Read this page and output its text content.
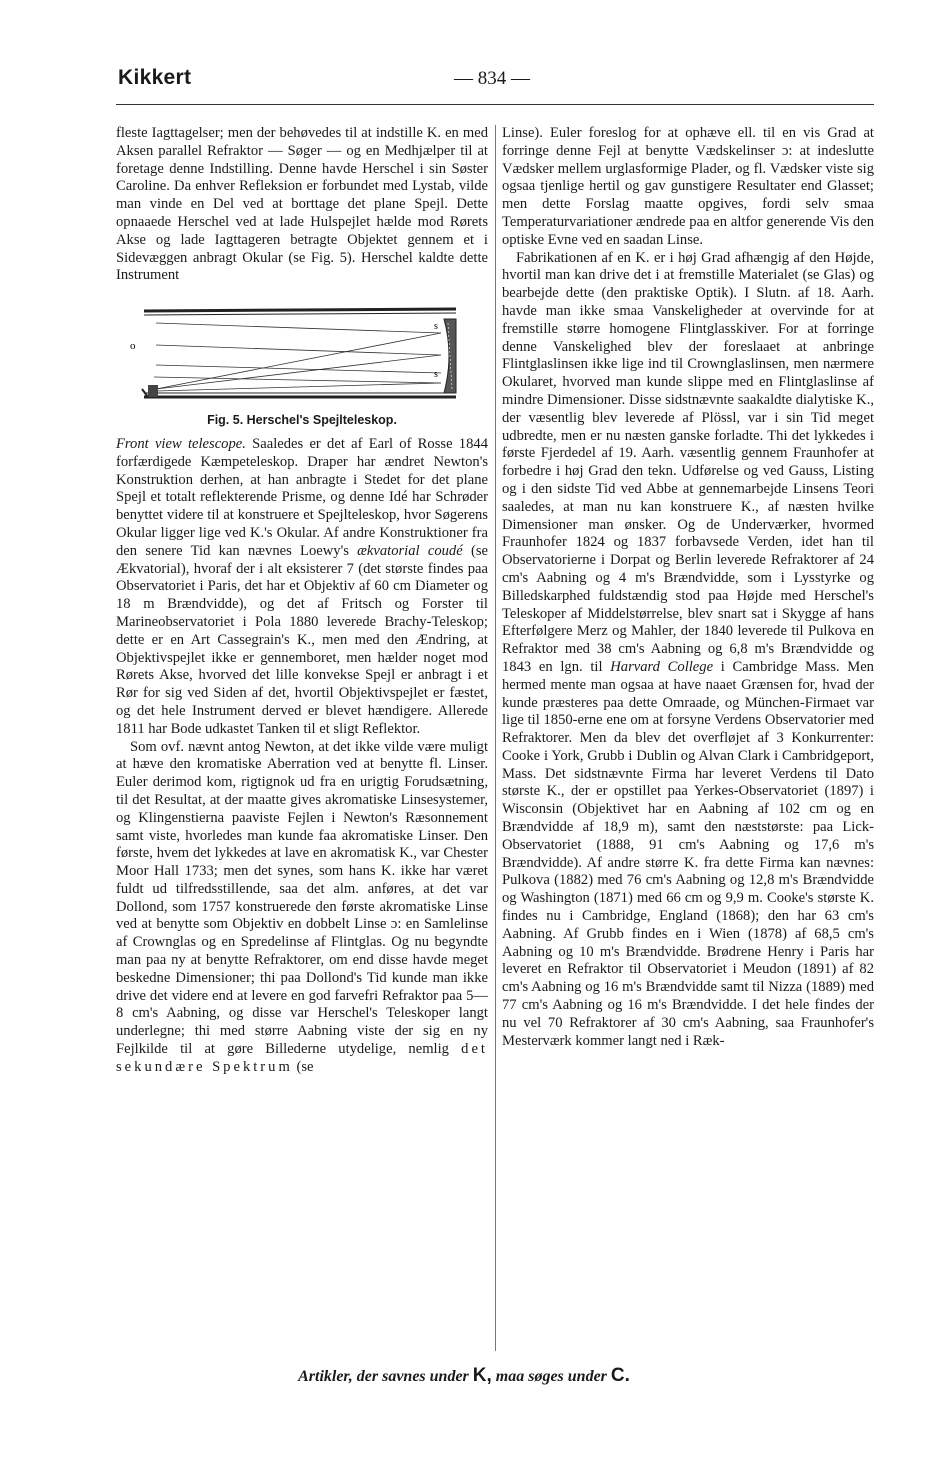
Kikkert	— 834 —

fleste Iagttagelser; men der behøvedes til at indstille K. en med Aksen parallel Refraktor — Søger — og en Medhjælper til at foretage denne Indstilling. Denne havde Herschel i sin Søster Caroline. Da enhver Refleksion er forbundet med Lystab, vilde man vinde en Del ved at borttage det plane Spejl. Dette opnaaede Herschel ved at lade Hulspejlet hælde mod Rørets Akse og lade Iagttageren betragte Objektet gennem et i Sidevæggen anbragt Okular (se Fig. 5). Herschel kaldte dette Instrument

o
s
s
Fig. 5. Herschel's Spejlteleskop.

Front view telescope. Saaledes er det af Earl of Rosse 1844 forfærdigede Kæmpeteleskop. Draper har ændret Newton's Konstruktion derhen, at han anbragte i Stedet for det plane Spejl et totalt reflekterende Prisme, og denne Idé har Schrøder benyttet videre til at konstruere et Spejlteleskop, hvor Søgerens Okular ligger lige ved K.'s Okular. Af andre Konstruktioner fra den senere Tid kan nævnes Loewy's ækvatorial coudé (se Ækvatorial), hvoraf der i alt eksisterer 7 (det største findes paa Observatoriet i Paris, det har et Objektiv af 60 cm Diameter og 18 m Brændvidde), og det af Fritsch og Forster til Marineobservatoriet i Pola 1880 leverede Brachy-Teleskop; dette er en Art Cassegrain's K., men med den Ændring, at Objektivspejlet ikke er gennemboret, men hælder noget mod Rørets Akse, hvorved det lille konvekse Spejl er anbragt i et Rør for sig ved Siden af det, hvortil Objektivspejlet er fæstet, og det hele Instrument derved er blevet hændigere. Allerede 1811 har Bode udkastet Tanken til et sligt Reflektor.

Som ovf. nævnt antog Newton, at det ikke vilde være muligt at hæve den kromatiske Aberration ved at benytte fl. Linser. Euler derimod kom, rigtignok ud fra en urigtig Forudsætning, til det Resultat, at der maatte gives akromatiske Linsesystemer, og Klingenstierna paaviste Fejlen i Newton's Ræsonnement samt viste, hvorledes man kunde faa akromatiske Linser. Den første, hvem det lykkedes at lave en akromatisk K., var Chester Moor Hall 1733; men det synes, som hans K. ikke har været fuldt ud tilfredsstillende, saa det alm. anføres, at det var Dollond, som 1757 konstruerede den første akromatiske Linse ved at benytte som Objektiv en dobbelt Linse ɔ: en Samlelinse af Crownglas og en Spredelinse af Flintglas. Og nu begyndte man paa ny at benytte Refraktorer, om end disse havde meget beskedne Dimensioner; thi paa Dollond's Tid kunde man ikke drive det videre end at levere en god farvefri Refraktor paa 5—8 cm's Aabning, og disse var Herschel's Teleskoper langt underlegne; thi med større Aabning viste der sig en ny Fejlkilde til at gøre Billederne utydelige, nemlig det sekundære Spektrum (se

Linse). Euler foreslog for at ophæve ell. til en vis Grad at forringe denne Fejl at benytte Vædskelinser ɔ: at indeslutte Vædsker mellem urglasformige Plader, og fl. Vædsker viste sig ogsaa tjenlige hertil og gav gunstigere Resultater end Glasset; men dette Forslag maatte opgives, fordi selv smaa Temperaturvariationer ændrede paa en altfor generende Vis den optiske Evne ved en saadan Linse.

Fabrikationen af en K. er i høj Grad afhængig af den Højde, hvortil man kan drive det i at fremstille Materialet (se Glas) og bearbejde dette (den praktiske Optik). I Slutn. af 18. Aarh. havde man ikke smaa Vanskeligheder at overvinde for at fremstille større homogene Flintglasskiver. For at forringe denne Vanskelighed blev der foreslaaet at anbringe Flintglaslinsen ikke lige ind til Crownglaslinsen, men nærmere Okularet, hvorved man kunde slippe med en Flintglaslinse af mindre Dimensioner. Disse sidstnævnte saakaldte dialytiske K., der væsentlig blev leverede af Plössl, var i sin Tid meget udbredte, men er nu næsten ganske forladte. Thi det lykkedes i første Fjerdedel af 19. Aarh. væsentlig gennem Fraunhofer at forbedre i høj Grad den tekn. Udførelse og ved Gauss, Listing og i den sidste Tid ved Abbe at gennemarbejde Linsens Teori saaledes, at man nu kan konstruere K., af næsten hvilke Dimensioner man ønsker. Og de Underværker, hvormed Fraunhofer 1824 og 1837 forbavsede Verden, idet han til Observatorierne i Dorpat og Berlin leverede Refraktorer af 24 cm's Aabning og 4 m's Brændvidde, som i Lysstyrke og Billedskarphed fuldstændig stod paa Højde med Herschel's Teleskoper af Middelstørrelse, blev snart sat i Skygge af hans Efterfølgere Merz og Mahler, der 1840 leverede til Pulkova en Refraktor med 38 cm's Aabning og 6,8 m's Brændvidde og 1843 en lgn. til Harvard College i Cambridge Mass. Men hermed mente man ogsaa at have naaet Grænsen for, hvad der kunde præsteres paa dette Omraade, og München-Firmaet var lige til 1850-erne ene om at forsyne Verdens Observatorier med Refraktorer. Men da blev det overfløjet af 3 Konkurrenter: Cooke i York, Grubb i Dublin og Alvan Clark i Cambridgeport, Mass. Det sidstnævnte Firma har leveret Verdens til Dato største K., der er opstillet paa Yerkes-Observatoriet (1897) i Wisconsin (Objektivet har en Aabning af 102 cm og en Brændvidde af 18,9 m), samt den næststørste: paa Lick-Observatoriet (1888, 91 cm's Aabning og 17,6 m's Brændvidde). Af andre større K. fra dette Firma kan nævnes: Pulkova (1882) med 76 cm's Aabning og 12,8 m's Brændvidde og Washington (1871) med 66 cm og 9,9 m. Cooke's største K. findes nu i Cambridge, England (1868); den har 63 cm's Aabning. Af Grubb findes en i Wien (1878) af 68,5 cm's Aabning og 10 m's Brændvidde. Brødrene Henry i Paris har leveret en Refraktor til Observatoriet i Meudon (1891) af 82 cm's Aabning og 16 m's Brændvidde samt til Nizza (1889) med 77 cm's Aabning og 16 m's Brændvidde. I det hele findes der nu vel 70 Refraktorer af 30 cm's Aabning, saa Fraunhofer's Mesterværk kommer langt ned i Ræk-

Artikler, der savnes under K, maa søges under C.
